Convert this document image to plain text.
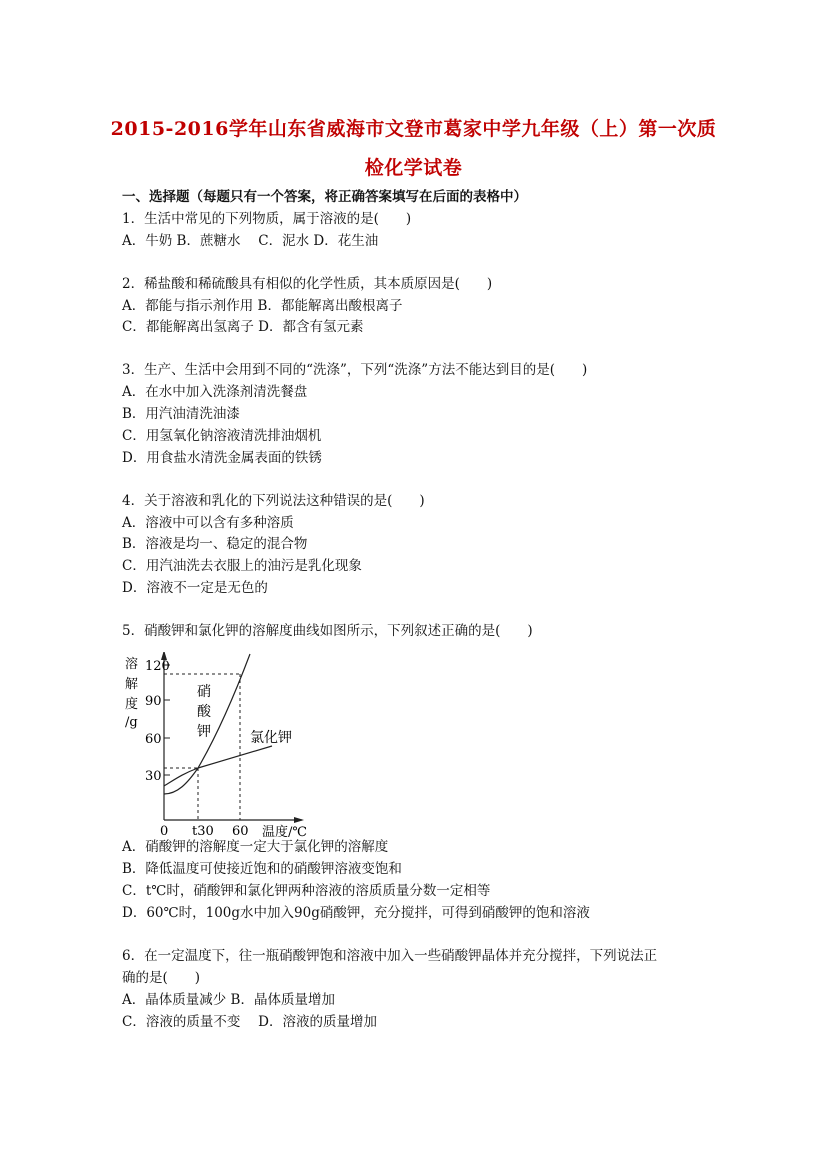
2015-2016学年山东省威海市文登市葛家中学九年级（上）第一次质
检化学试卷
一、选择题（每题只有一个答案，将正确答案填写在后面的表格中）
1．生活中常见的下列物质，属于溶液的是(　　)
A．牛奶 B．蔗糖水　 C．泥水 D．花生油
2．稀盐酸和稀硫酸具有相似的化学性质，其本质原因是(　　)
A．都能与指示剂作用 B．都能解离出酸根离子
C．都能解离出氢离子 D．都含有氢元素
3．生产、生活中会用到不同的“洗涤”，下列“洗涤”方法不能达到目的是(　　)
A．在水中加入洗涤剂清洗餐盘
B．用汽油清洗油漆
C．用氢氧化钠溶液清洗排油烟机
D．用食盐水清洗金属表面的铁锈
4．关于溶液和乳化的下列说法这种错误的是(　　)
A．溶液中可以含有多种溶质
B．溶液是均一、稳定的混合物
C．用汽油洗去衣服上的油污是乳化现象
D．溶液不一定是无色的
5．硝酸钾和氯化钾的溶解度曲线如图所示，下列叙述正确的是(　　)
120
90
60
30
溶
解
度
/g
0 t30 60 温度/℃
硝
酸
钾	氯化钾
A．硝酸钾的溶解度一定大于氯化钾的溶解度
B．降低温度可使接近饱和的硝酸钾溶液变饱和
C．t℃时，硝酸钾和氯化钾两种溶液的溶质质量分数一定相等
D．60℃时，100g水中加入90g硝酸钾，充分搅拌，可得到硝酸钾的饱和溶液
6．在一定温度下，往一瓶硝酸钾饱和溶液中加入一些硝酸钾晶体并充分搅拌，下列说法正
确的是(　　)
A．晶体质量减少 B．晶体质量增加
C．溶液的质量不变　 D．溶液的质量增加
